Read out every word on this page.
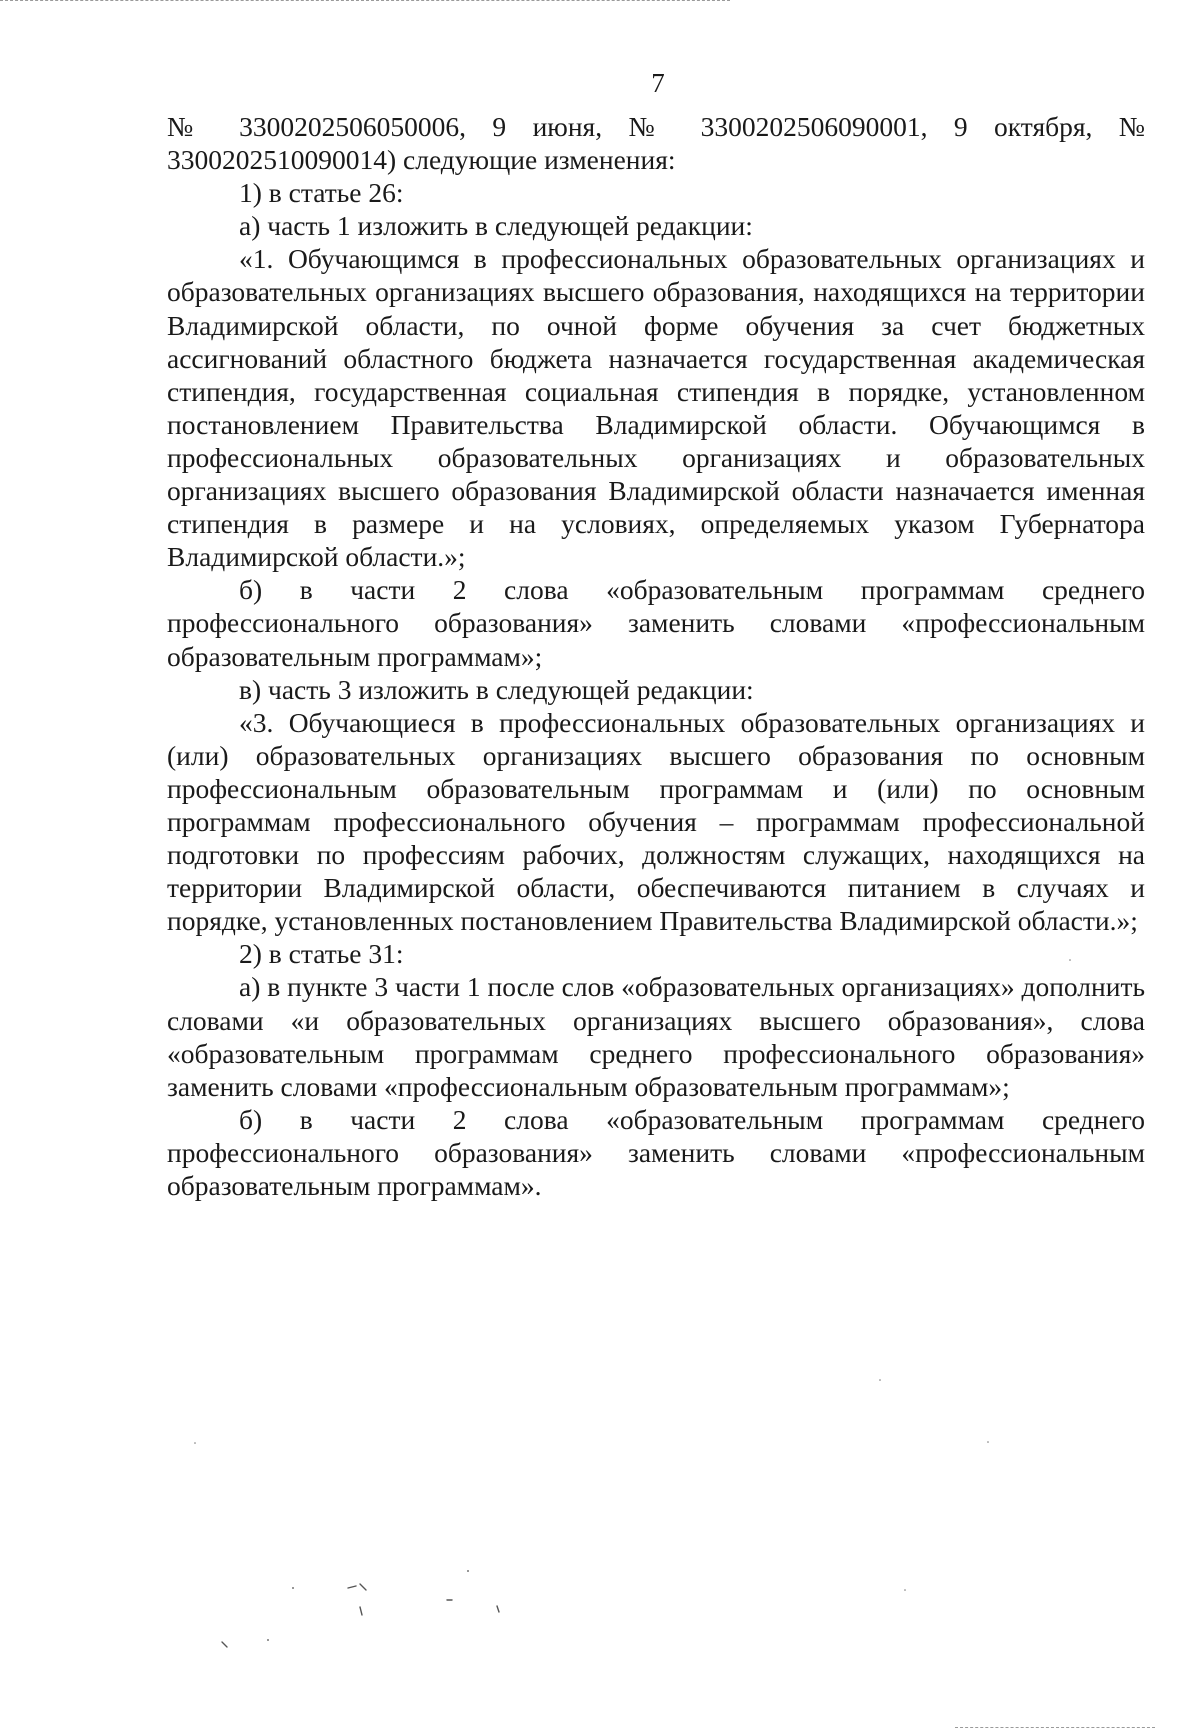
7

№ 3300202506050006, 9 июня, № 3300202506090001, 9 октября, № 3300202510090014) следующие изменения:

1) в статье 26:

а) часть 1 изложить в следующей редакции:

«1. Обучающимся в профессиональных образовательных организациях и образовательных организациях высшего образования, находящихся на территории Владимирской области, по очной форме обучения за счет бюджетных ассигнований областного бюджета назначается государственная академическая стипендия, государственная социальная стипендия в порядке, установленном постановлением Правительства Владимирской области. Обучающимся в профессиональных образовательных организациях и образовательных организациях высшего образования Владимирской области назначается именная стипендия в размере и на условиях, определяемых указом Губернатора Владимирской области.»;

б) в части 2 слова «образовательным программам среднего профессионального образования» заменить словами «профессиональным образовательным программам»;

в) часть 3 изложить в следующей редакции:

«3. Обучающиеся в профессиональных образовательных организациях и (или) образовательных организациях высшего образования по основным профессиональным образовательным программам и (или) по основным программам профессионального обучения – программам профессиональной подготовки по профессиям рабочих, должностям служащих, находящихся на территории Владимирской области, обеспечиваются питанием в случаях и порядке, установленных постановлением Правительства Владимирской области.»;

2) в статье 31:

а) в пункте 3 части 1 после слов «образовательных организациях» дополнить словами «и образовательных организациях высшего образования», слова «образовательным программам среднего профессионального образования» заменить словами «профессиональным образовательным программам»;

б) в части 2 слова «образовательным программам среднего профессионального образования» заменить словами «профессиональным образовательным программам».
